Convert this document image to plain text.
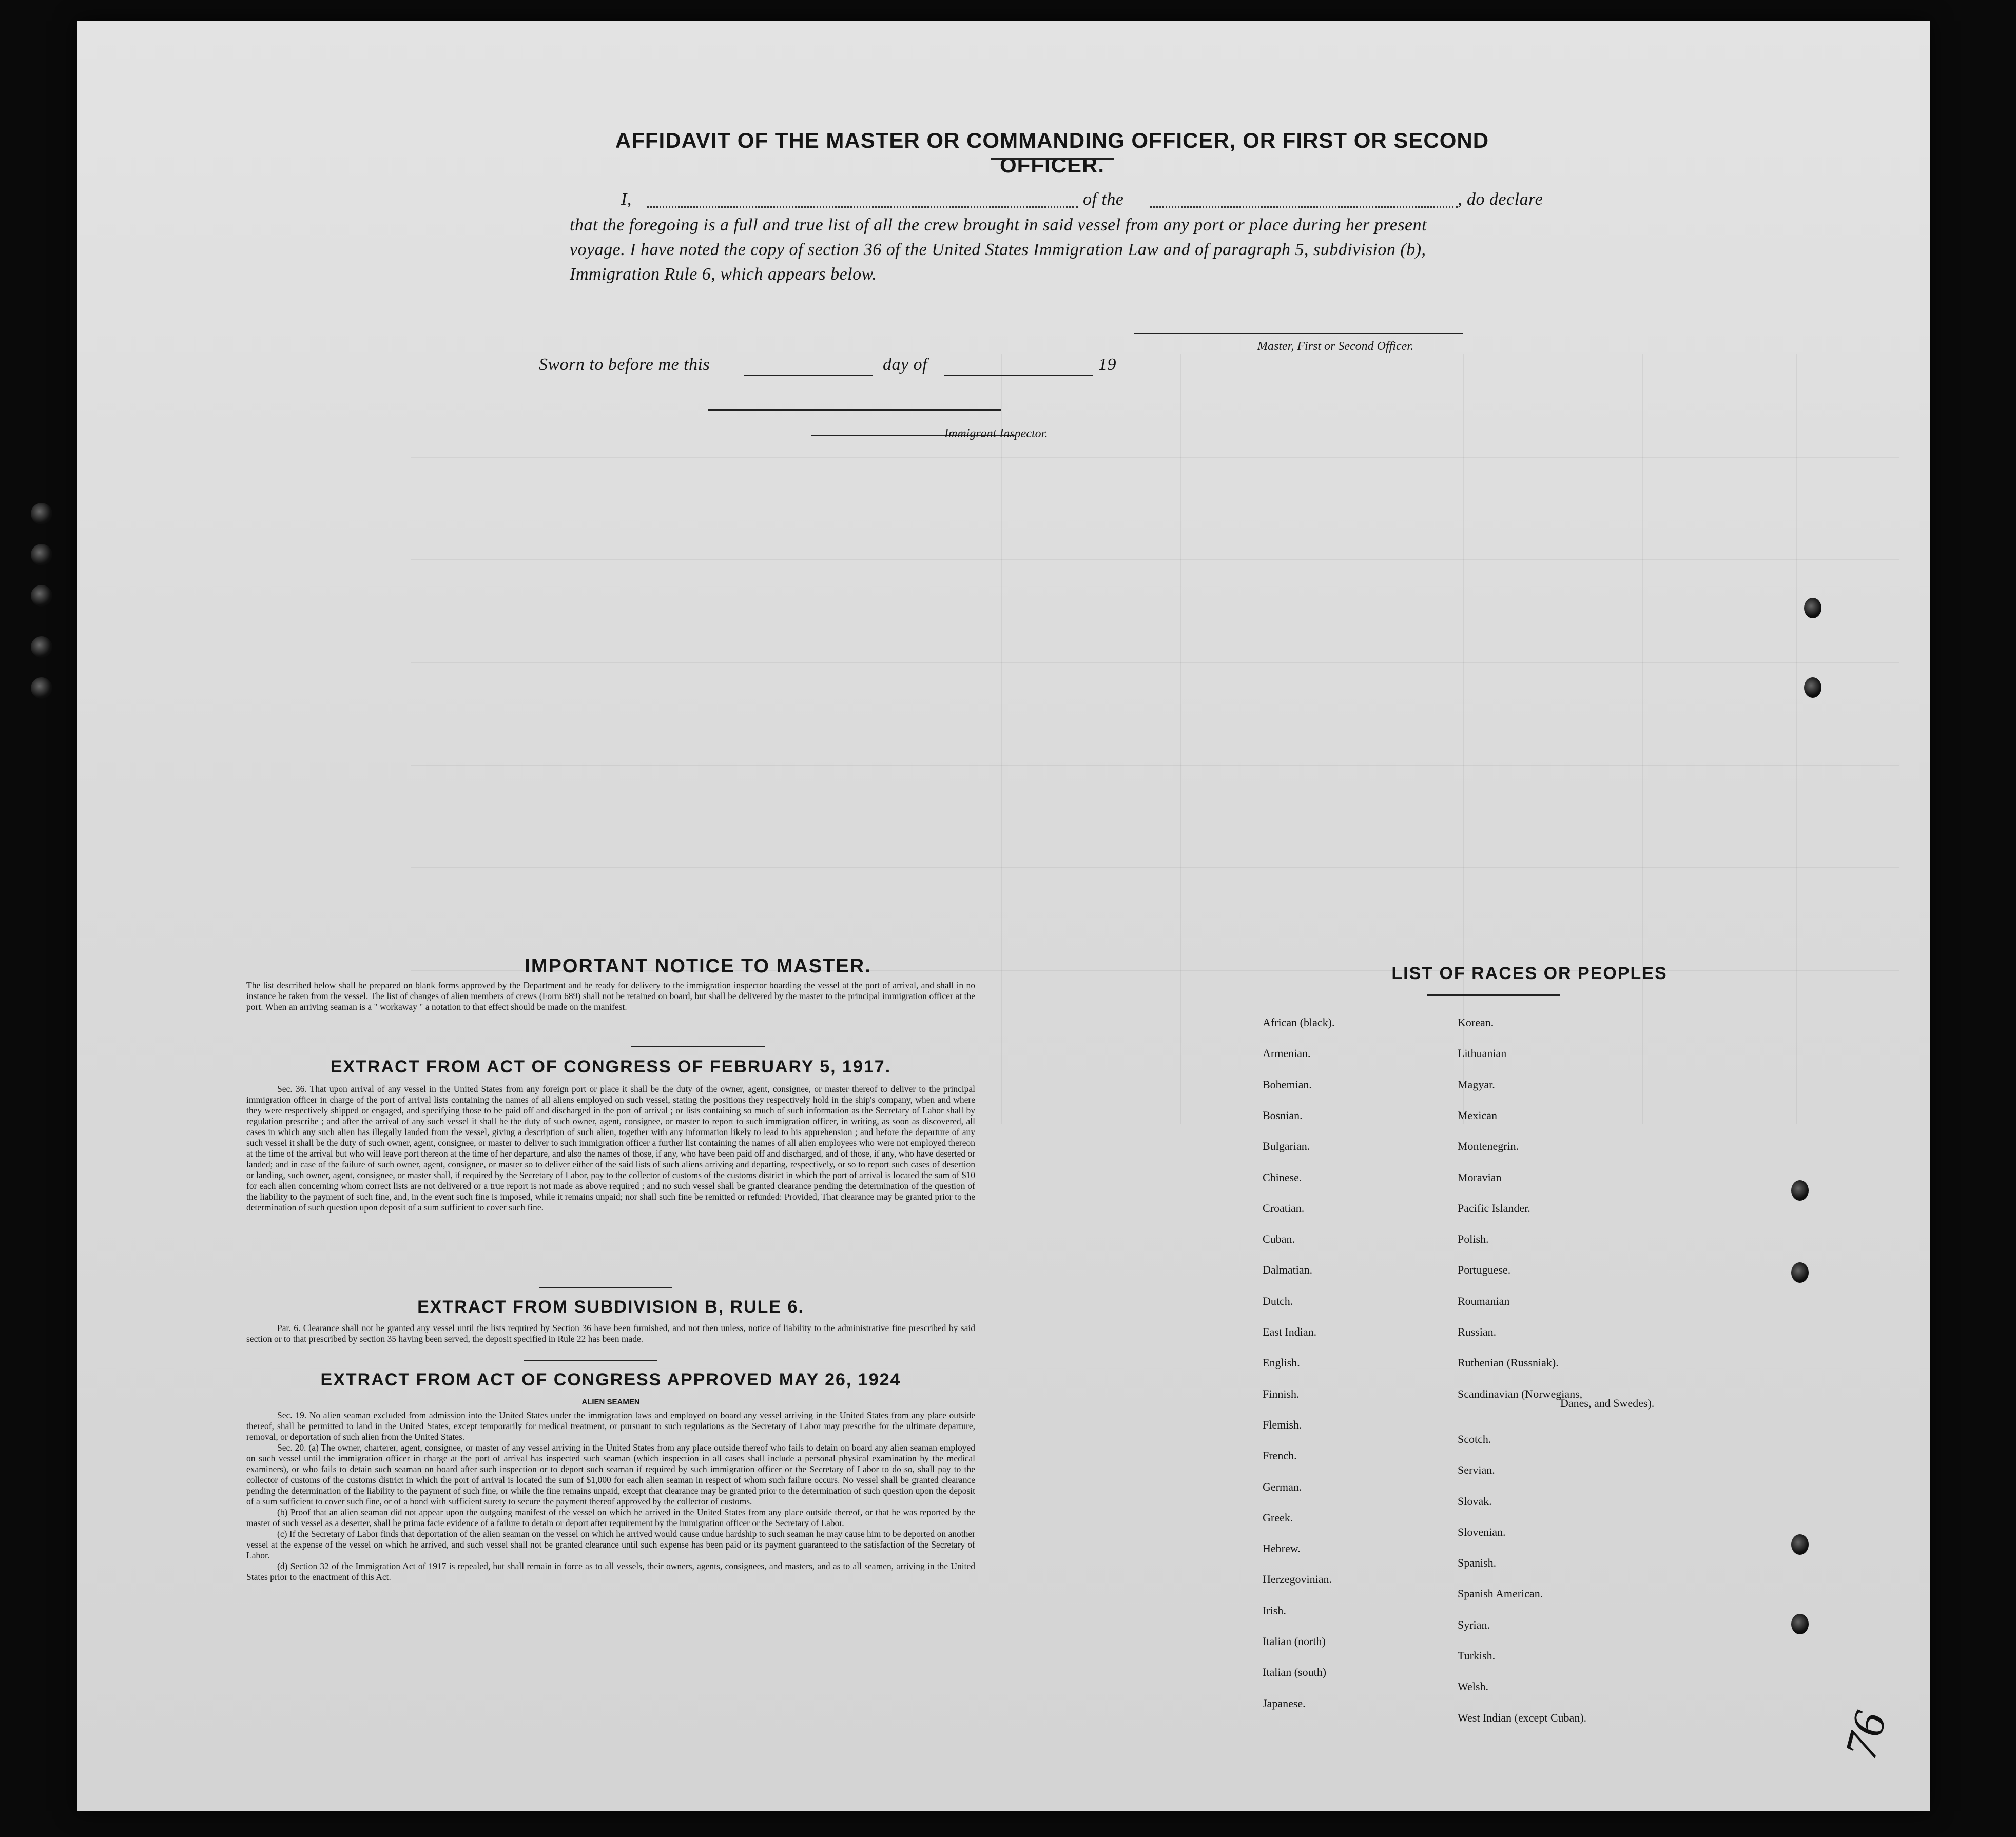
AFFIDAVIT OF THE MASTER OR COMMANDING OFFICER, OR FIRST OR SECOND OFFICER.
I,	of the	, do declare
that the foregoing is a full and true list of all the crew brought in said vessel from any port or place during her present
voyage. I have noted the copy of section 36 of the United States Immigration Law and of paragraph 5, subdivision (b),
Immigration Rule 6, which appears below.
Master, First or Second Officer.
Sworn to before me this	day of	19
Immigrant Inspector.
IMPORTANT NOTICE TO MASTER.
The list described below shall be prepared on blank forms approved by the Department and be ready for delivery to the immigration inspector boarding the vessel at the port of arrival, and shall in no instance be taken from the vessel. The list of changes of alien members of crews (Form 689) shall not be retained on board, but shall be delivered by the master to the principal immigration officer at the port. When an arriving seaman is a " workaway " a notation to that effect should be made on the manifest.
EXTRACT FROM ACT OF CONGRESS OF FEBRUARY 5, 1917.
Sec. 36. That upon arrival of any vessel in the United States from any foreign port or place it shall be the duty of the owner, agent, consignee, or master thereof to deliver to the principal immigration officer in charge of the port of arrival lists containing the names of all aliens employed on such vessel, stating the positions they respectively hold in the ship's company, when and where they were respectively shipped or engaged, and specifying those to be paid off and discharged in the port of arrival ; or lists containing so much of such information as the Secretary of Labor shall by regulation prescribe ; and after the arrival of any such vessel it shall be the duty of such owner, agent, consignee, or master to report to such immigration officer, in writing, as soon as discovered, all cases in which any such alien has illegally landed from the vessel, giving a description of such alien, together with any information likely to lead to his apprehension ; and before the departure of any such vessel it shall be the duty of such owner, agent, consignee, or master to deliver to such immigration officer a further list containing the names of all alien employees who were not employed thereon at the time of the arrival but who will leave port thereon at the time of her departure, and also the names of those, if any, who have been paid off and discharged, and of those, if any, who have deserted or landed; and in case of the failure of such owner, agent, consignee, or master so to deliver either of the said lists of such aliens arriving and departing, respectively, or so to report such cases of desertion or landing, such owner, agent, consignee, or master shall, if required by the Secretary of Labor, pay to the collector of customs of the customs district in which the port of arrival is located the sum of $10 for each alien concerning whom correct lists are not delivered or a true report is not made as above required ; and no such vessel shall be granted clearance pending the determination of the question of the liability to the payment of such fine, and, in the event such fine is imposed, while it remains unpaid; nor shall such fine be remitted or refunded: Provided, That clearance may be granted prior to the determination of such question upon deposit of a sum sufficient to cover such fine.
EXTRACT FROM SUBDIVISION B, RULE 6.
Par. 6. Clearance shall not be granted any vessel until the lists required by Section 36 have been furnished, and not then unless, notice of liability to the administrative fine prescribed by said section or to that prescribed by section 35 having been served, the deposit specified in Rule 22 has been made.
EXTRACT FROM ACT OF CONGRESS APPROVED MAY 26, 1924
ALIEN SEAMEN
Sec. 19. No alien seaman excluded from admission into the United States under the immigration laws and employed on board any vessel arriving in the United States from any place outside thereof, shall be permitted to land in the United States, except temporarily for medical treatment, or pursuant to such regulations as the Secretary of Labor may prescribe for the ultimate departure, removal, or deportation of such alien from the United States.
Sec. 20. (a) The owner, charterer, agent, consignee, or master of any vessel arriving in the United States from any place outside thereof who fails to detain on board any alien seaman employed on such vessel until the immigration officer in charge at the port of arrival has inspected such seaman (which inspection in all cases shall include a personal physical examination by the medical examiners), or who fails to detain such seaman on board after such inspection or to deport such seaman if required by such immigration officer or the Secretary of Labor to do so, shall pay to the collector of customs of the customs district in which the port of arrival is located the sum of $1,000 for each alien seaman in respect of whom such failure occurs. No vessel shall be granted clearance pending the determination of the liability to the payment of such fine, or while the fine remains unpaid, except that clearance may be granted prior to the determination of such question upon the deposit of a sum sufficient to cover such fine, or of a bond with sufficient surety to secure the payment thereof approved by the collector of customs.
(b) Proof that an alien seaman did not appear upon the outgoing manifest of the vessel on which he arrived in the United States from any place outside thereof, or that he was reported by the master of such vessel as a deserter, shall be prima facie evidence of a failure to detain or deport after requirement by the immigration officer or the Secretary of Labor.
(c) If the Secretary of Labor finds that deportation of the alien seaman on the vessel on which he arrived would cause undue hardship to such seaman he may cause him to be deported on another vessel at the expense of the vessel on which he arrived, and such vessel shall not be granted clearance until such expense has been paid or its payment guaranteed to the satisfaction of the Secretary of Labor.
(d) Section 32 of the Immigration Act of 1917 is repealed, but shall remain in force as to all vessels, their owners, agents, consignees, and masters, and as to all seamen, arriving in the United States prior to the enactment of this Act.
LIST OF RACES OR PEOPLES
African (black).
Armenian.
Bohemian.
Bosnian.
Bulgarian.
Chinese.
Croatian.
Cuban.
Dalmatian.
Dutch.
East Indian.
English.
Finnish.
Flemish.
French.
German.
Greek.
Hebrew.
Herzegovinian.
Irish.
Italian (north)
Italian (south)
Japanese.
Korean.
Lithuanian
Magyar.
Mexican
Montenegrin.
Moravian
Pacific Islander.
Polish.
Portuguese.
Roumanian
Russian.
Ruthenian (Russniak).
Scandinavian (Norwegians,
Scotch.
Servian.
Slovak.
Slovenian.
Spanish.
Spanish American.
Syrian.
Turkish.
Welsh.
West Indian (except Cuban).
Danes, and Swedes).
76
